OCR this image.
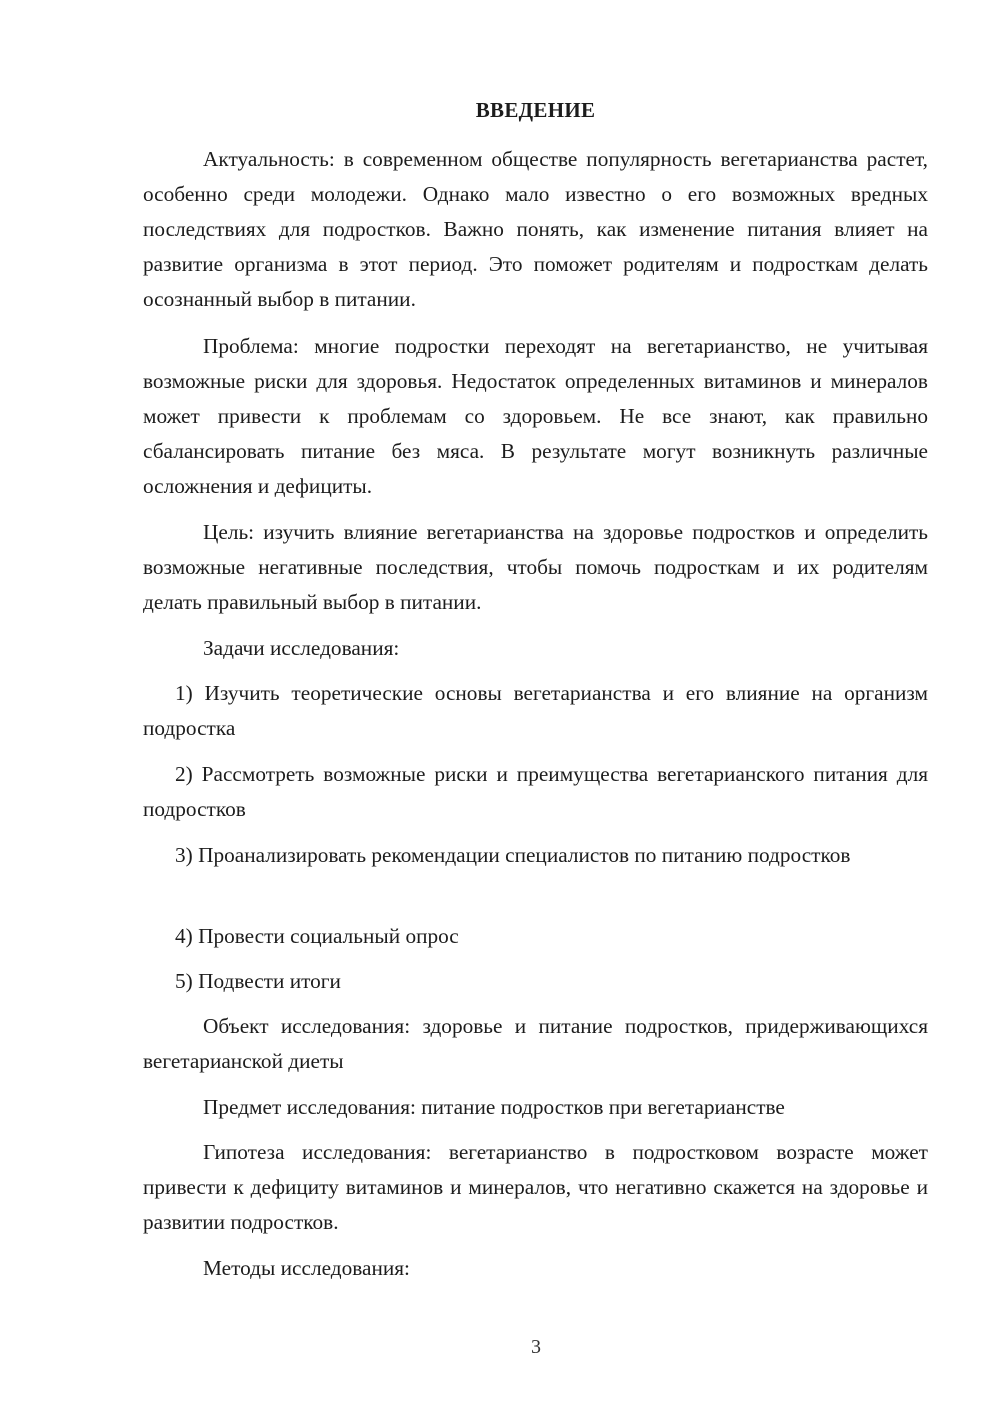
ВВЕДЕНИЕ

Актуальность: в современном обществе популярность вегетарианства растет, особенно среди молодежи. Однако мало известно о его возможных вредных последствиях для подростков. Важно понять, как изменение питания влияет на развитие организма в этот период. Это поможет родителям и подросткам делать осознанный выбор в питании.

Проблема: многие подростки переходят на вегетарианство, не учитывая возможные риски для здоровья. Недостаток определенных витаминов и минералов может привести к проблемам со здоровьем. Не все знают, как правильно сбалансировать питание без мяса. В результате могут возникнуть различные осложнения и дефициты.

Цель: изучить влияние вегетарианства на здоровье подростков и определить возможные негативные последствия, чтобы помочь подросткам и их родителям делать правильный выбор в питании.

Задачи исследования:

1) Изучить теоретические основы вегетарианства и его влияние на организм подростка

2) Рассмотреть возможные риски и преимущества вегетарианского питания для подростков

3) Проанализировать рекомендации специалистов по питанию подростков

4) Провести социальный опрос

5) Подвести итоги

Объект исследования: здоровье и питание подростков, придерживающихся вегетарианской диеты

Предмет исследования: питание подростков при вегетарианстве

Гипотеза исследования: вегетарианство в подростковом возрасте может привести к дефициту витаминов и минералов, что негативно скажется на здоровье и развитии подростков.

Методы исследования:

3
